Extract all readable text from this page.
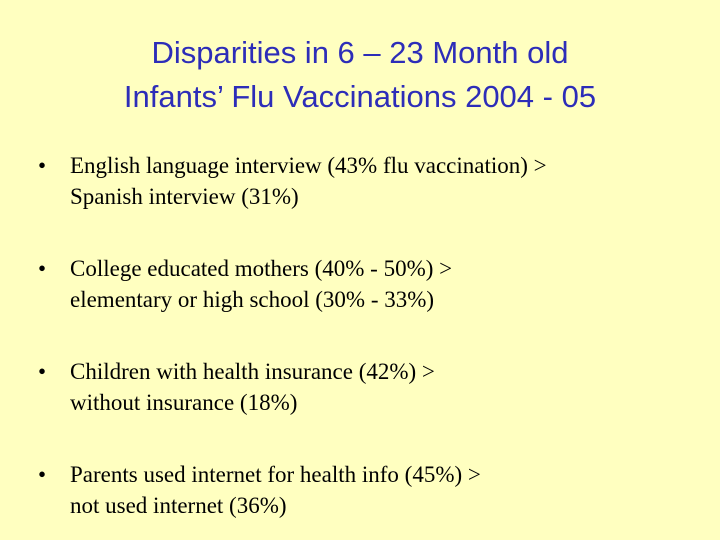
Disparities in 6 – 23 Month old
Infants’ Flu Vaccinations 2004 - 05
•	English language interview (43% flu vaccination) >
Spanish interview (31%)
•	College educated mothers (40% - 50%) >
elementary or high school (30% - 33%)
•	Children with health insurance (42%) >
without insurance (18%)
•	Parents used internet for health info (45%) >
not used internet (36%)
